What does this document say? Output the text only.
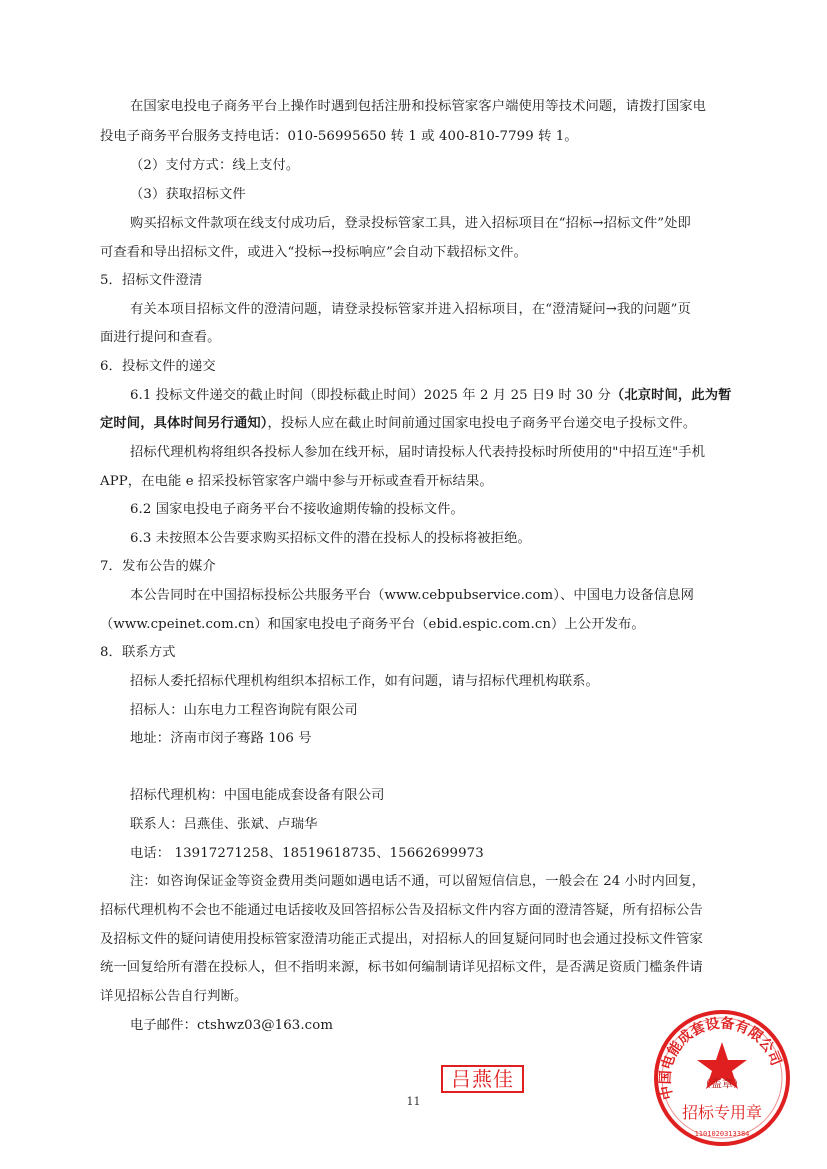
在国家电投电子商务平台上操作时遇到包括注册和投标管家客户端使用等技术问题，请拨打国家电
投电子商务平台服务支持电话：010-56995650 转 1 或 400-810-7799 转 1。
（2）支付方式：线上支付。
（3）获取招标文件
购买招标文件款项在线支付成功后，登录投标管家工具，进入招标项目在“招标→招标文件”处即
可查看和导出招标文件，或进入“投标→投标响应”会自动下载招标文件。
5．招标文件澄清
有关本项目招标文件的澄清问题，请登录投标管家并进入招标项目，在“澄清疑问→我的问题”页
面进行提问和查看。
6．投标文件的递交
6.1 投标文件递交的截止时间（即投标截止时间）2025 年 2 月 25 日9 时 30 分（北京时间，此为暂
定时间，具体时间另行通知），投标人应在截止时间前通过国家电投电子商务平台递交电子投标文件。
招标代理机构将组织各投标人参加在线开标，届时请投标人代表持投标时所使用的"中招互连"手机
APP，在电能 e 招采投标管家客户端中参与开标或查看开标结果。
6.2 国家电投电子商务平台不接收逾期传输的投标文件。
6.3 未按照本公告要求购买招标文件的潜在投标人的投标将被拒绝。
7．发布公告的媒介
本公告同时在中国招标投标公共服务平台（www.cebpubservice.com）、中国电力设备信息网
（www.cpeinet.com.cn）和国家电投电子商务平台（ebid.espic.com.cn）上公开发布。
8．联系方式
招标人委托招标代理机构组织本招标工作，如有问题，请与招标代理机构联系。
招标人：山东电力工程咨询院有限公司
地址：济南市闵子骞路 106 号
招标代理机构：中国电能成套设备有限公司
联系人：吕燕佳、张斌、卢瑞华
电话： 13917271258、18519618735、15662699973
注：如咨询保证金等资金费用类问题如遇电话不通，可以留短信信息，一般会在 24 小时内回复，
招标代理机构不会也不能通过电话接收及回答招标公告及招标文件内容方面的澄清答疑，所有招标公告
及招标文件的疑问请使用投标管家澄清功能正式提出，对招标人的回复疑问同时也会通过投标文件管家
统一回复给所有潜在投标人，但不指明来源，标书如何编制请详见招标文件，是否满足资质门槛条件请
详见招标公告自行判断。
电子邮件：ctshwz03@163.com
吕燕佳
中国电能成套设备有限公司
（盖章）
招标专用章
1101020313384
11
